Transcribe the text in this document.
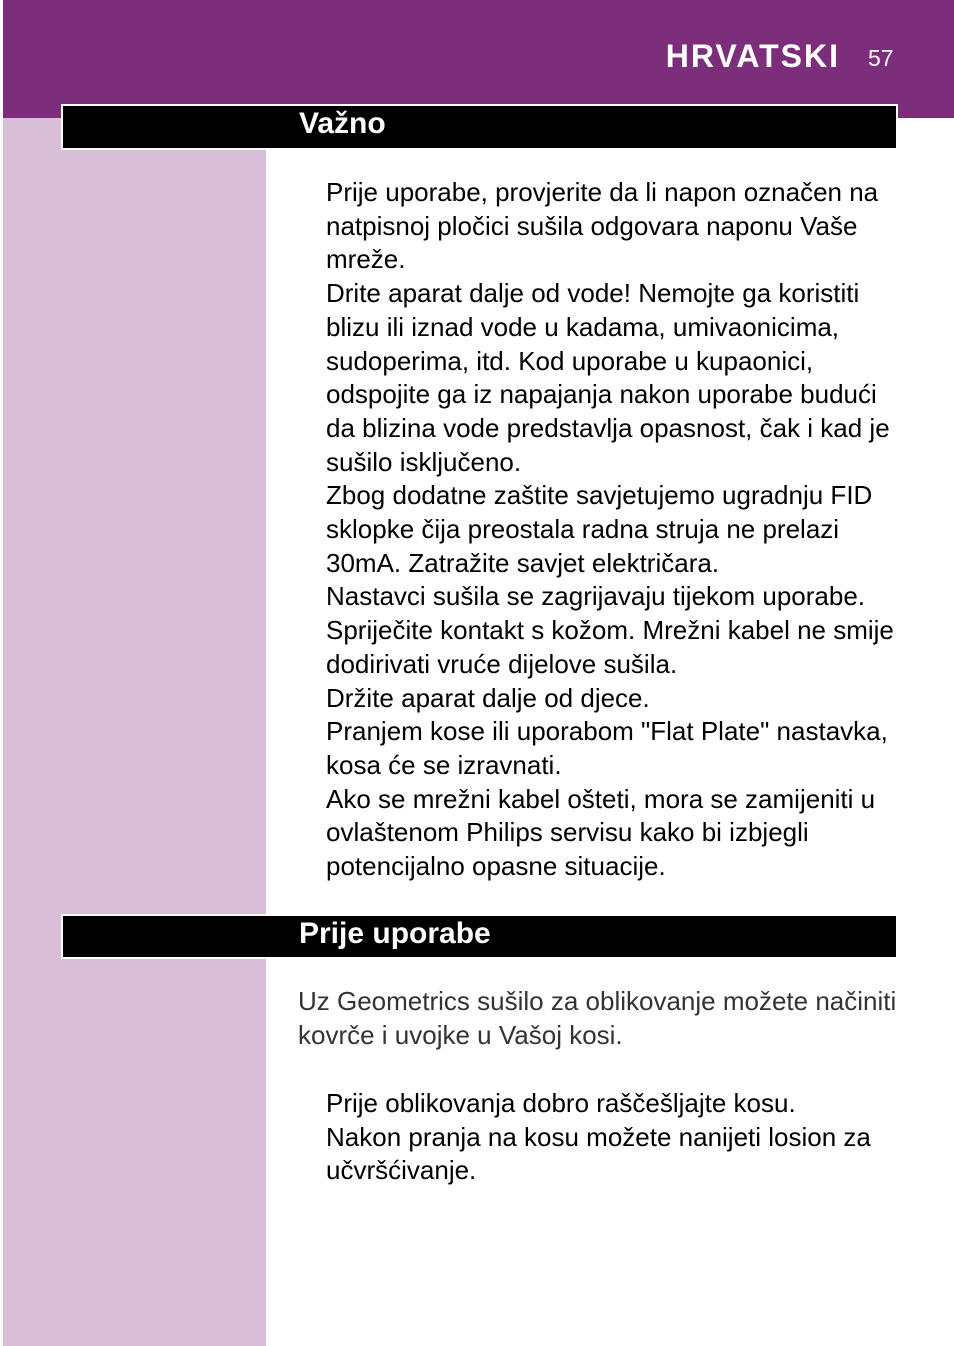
HRVATSKI 57
Važno
Prije uporabe, provjerite da li napon označen na natpisnoj pločici sušila odgovara naponu Vaše mreže.
Drite aparat dalje od vode! Nemojte ga koristiti blizu ili iznad vode u kadama, umivaonicima, sudoperima, itd. Kod uporabe u kupaonici, odspojite ga iz napajanja nakon uporabe budući da blizina vode predstavlja opasnost, čak i kad je sušilo isključeno.
Zbog dodatne zaštite savjetujemo ugradnju FID sklopke čija preostala radna struja ne prelazi 30mA. Zatražite savjet električara.
Nastavci sušila se zagrijavaju tijekom uporabe. Spriječite kontakt s kožom. Mrežni kabel ne smije dodirivati vruće dijelove sušila.
Držite aparat dalje od djece.
Pranjem kose ili uporabom "Flat Plate" nastavka, kosa će se izravnati.
Ako se mrežni kabel ošteti, mora se zamijeniti u ovlaštenom Philips servisu kako bi izbjegli potencijalno opasne situacije.
Prije uporabe

Uz Geometrics sušilo za oblikovanje možete načiniti kovrče i uvojke u Vašoj kosi.

Prije oblikovanja dobro raščešljajte kosu.
Nakon pranja na kosu možete nanijeti losion za učvršćivanje.
